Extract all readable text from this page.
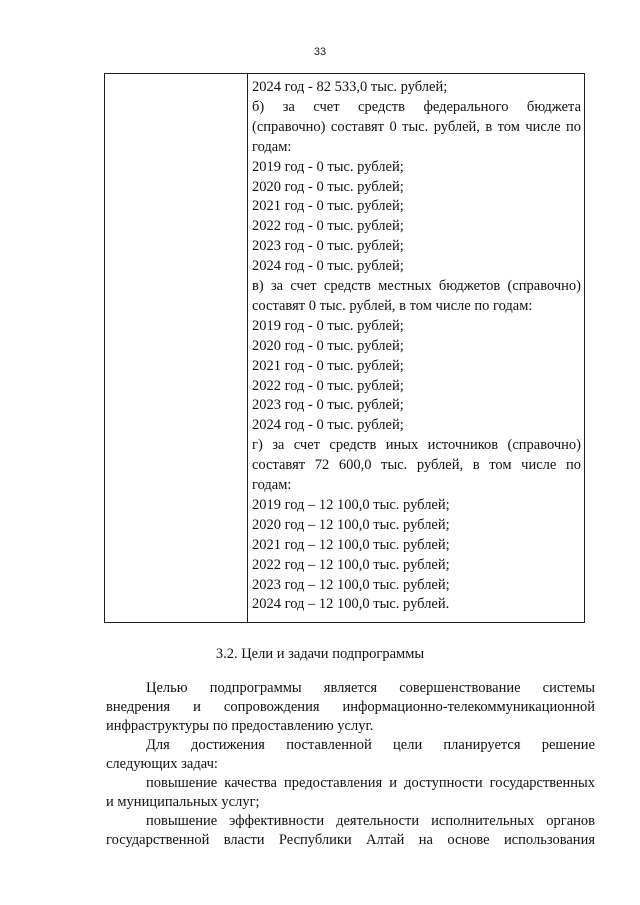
33
2024 год - 82 533,0 тыс. рублей;
б) за счет средств федерального бюджета
(справочно) составят 0 тыс. рублей, в том числе по
годам:
2019 год - 0 тыс. рублей;
2020 год - 0 тыс. рублей;
2021 год - 0 тыс. рублей;
2022 год - 0 тыс. рублей;
2023 год - 0 тыс. рублей;
2024 год - 0 тыс. рублей;
в) за счет средств местных бюджетов (справочно)
составят 0 тыс. рублей, в том числе по годам:
2019 год - 0 тыс. рублей;
2020 год - 0 тыс. рублей;
2021 год - 0 тыс. рублей;
2022 год - 0 тыс. рублей;
2023 год - 0 тыс. рублей;
2024 год - 0 тыс. рублей;
г) за счет средств иных источников (справочно)
составят 72 600,0 тыс. рублей, в том числе по
годам:
2019 год – 12 100,0 тыс. рублей;
2020 год – 12 100,0 тыс. рублей;
2021 год – 12 100,0 тыс. рублей;
2022 год – 12 100,0 тыс. рублей;
2023 год – 12 100,0 тыс. рублей;
2024 год – 12 100,0 тыс. рублей.
3.2. Цели и задачи подпрограммы
Целью подпрограммы является совершенствование системы
внедрения и сопровождения информационно-телекоммуникационной
инфраструктуры по предоставлению услуг.
Для достижения поставленной цели планируется решение
следующих задач:
повышение качества предоставления и доступности государственных
и муниципальных услуг;
повышение эффективности деятельности исполнительных органов
государственной власти Республики Алтай на основе использования
